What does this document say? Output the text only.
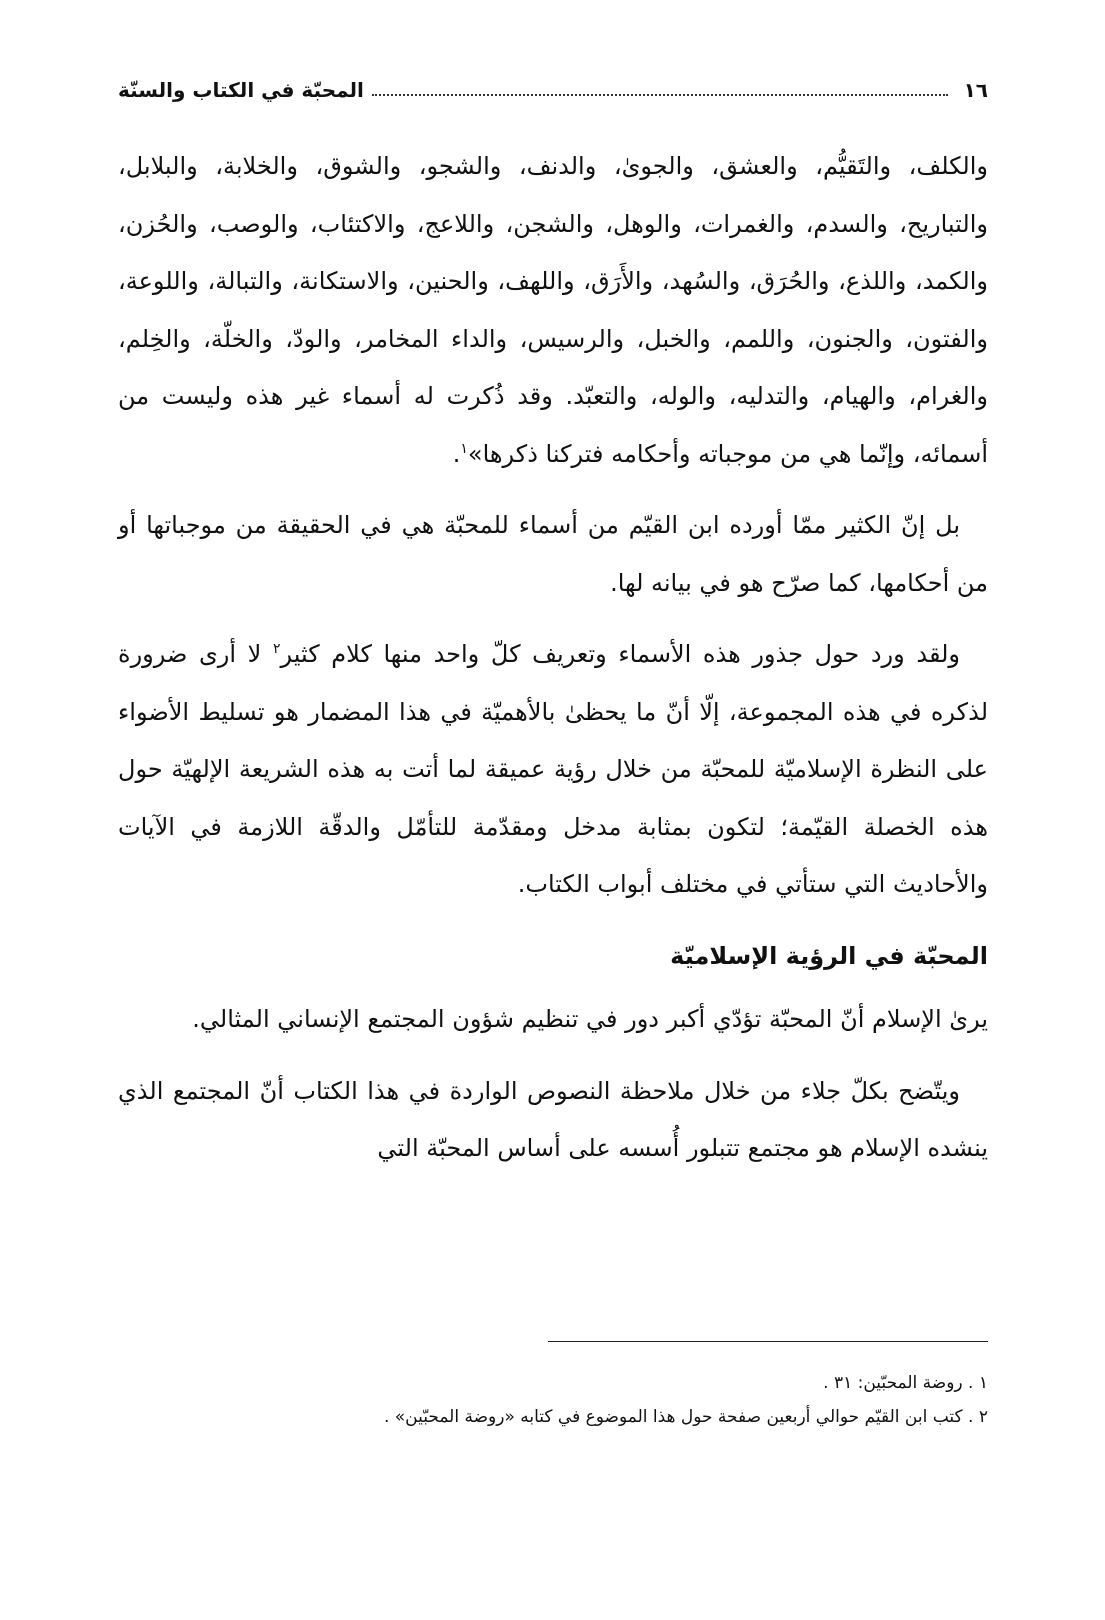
١٦
المحبّة في الكتاب والسنّة

والكلف، والتَقيُّم، والعشق، والجوىٰ، والدنف، والشجو، والشوق، والخلابة، والبلابل، والتباريح، والسدم، والغمرات، والوهل، والشجن، واللاعج، والاكتئاب، والوصب، والحُزن، والكمد، واللذع، والحُرَق، والسُهد، والأَرَق، واللهف، والحنين، والاستكانة، والتبالة، واللوعة، والفتون، والجنون، واللمم، والخبل، والرسيس، والداء المخامر، والودّ، والخلّة، والخِلم، والغرام، والهيام، والتدليه، والوله، والتعبّد. وقد ذُكرت له أسماء غير هذه وليست من أسمائه، وإنّما هي من موجباته وأحكامه فتركنا ذكرها»$^١$.

بل إنّ الكثير ممّا أورده ابن القيّم من أسماء للمحبّة هي في الحقيقة من موجباتها أو من أحكامها، كما صرّح هو في بيانه لها.

ولقد ورد حول جذور هذه الأسماء وتعريف كلّ واحد منها كلام كثير$^٢$ لا أرى ضرورة لذكره في هذه المجموعة، إلّا أنّ ما يحظىٰ بالأهميّة في هذا المضمار هو تسليط الأضواء على النظرة الإسلاميّة للمحبّة من خلال رؤية عميقة لما أتت به هذه الشريعة الإلهيّة حول هذه الخصلة القيّمة؛ لتكون بمثابة مدخل ومقدّمة للتأمّل والدقّة اللازمة في الآيات والأحاديث التي ستأتي في مختلف أبواب الكتاب.

المحبّة في الرؤية الإسلاميّة

يرىٰ الإسلام أنّ المحبّة تؤدّي أكبر دور في تنظيم شؤون المجتمع الإنساني المثالي.

ويتّضح بكلّ جلاء من خلال ملاحظة النصوص الواردة في هذا الكتاب أنّ المجتمع الذي ينشده الإسلام هو مجتمع تتبلور أُسسه على أساس المحبّة التي

١ . روضة المحبّين: ٣١ .

٢ . كتب ابن القيّم حوالي أربعين صفحة حول هذا الموضوع في كتابه «روضة المحبّين» .
